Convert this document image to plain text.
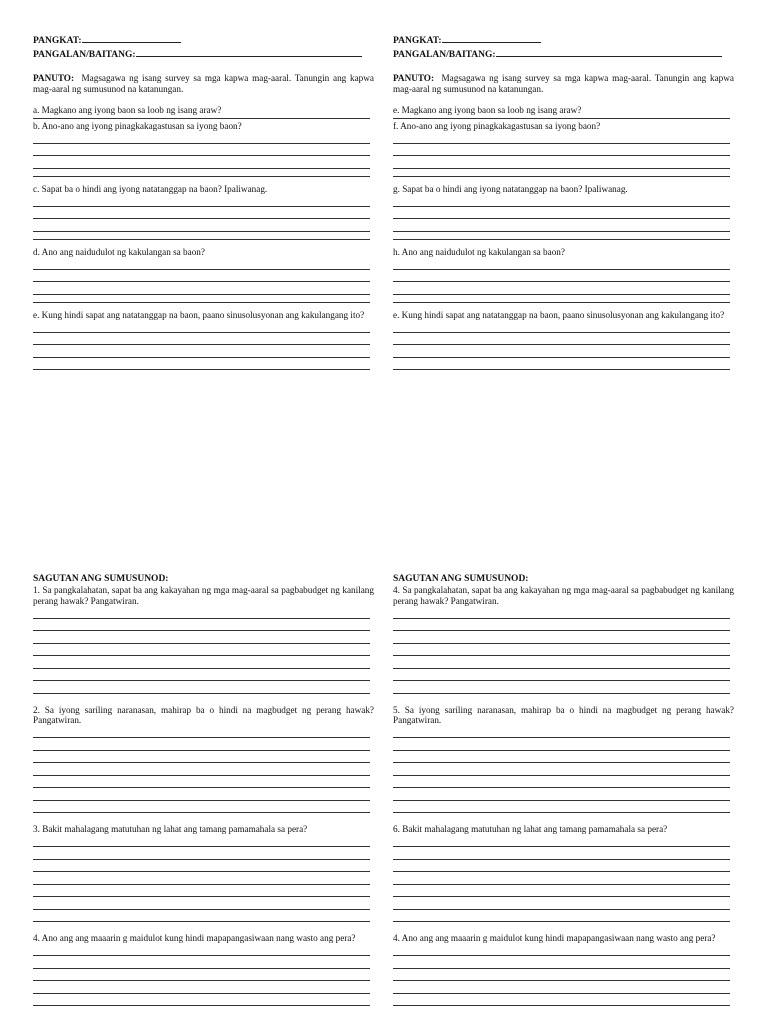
PANGKAT:
PANGALAN/BAITANG:
PANUTO: Magsagawa ng isang survey sa mga kapwa mag-aaral. Tanungin ang kapwa mag-aaral ng sumusunod na katanungan.
a. Magkano ang iyong baon sa loob ng isang araw?
b. Ano-ano ang iyong pinagkakagastusan sa iyong baon?
c. Sapat ba o hindi ang iyong natatanggap na baon? Ipaliwanag.
d. Ano ang naidudulot ng kakulangan sa baon?
e. Kung hindi sapat ang natatanggap na baon, paano sinusolusyonan ang kakulangang ito?
PANGKAT:
PANGALAN/BAITANG:
PANUTO: Magsagawa ng isang survey sa mga kapwa mag-aaral. Tanungin ang kapwa mag-aaral ng sumusunod na katanungan.
e. Magkano ang iyong baon sa loob ng isang araw?
f. Ano-ano ang iyong pinagkakagastusan sa iyong baon?
g. Sapat ba o hindi ang iyong natatanggap na baon? Ipaliwanag.
h. Ano ang naidudulot ng kakulangan sa baon?
e. Kung hindi sapat ang natatanggap na baon, paano sinusolusyonan ang kakulangang ito?
SAGUTAN ANG SUMUSUNOD:
1. Sa pangkalahatan, sapat ba ang kakayahan ng mga mag-aaral sa pagbabudget ng kanilang perang hawak? Pangatwiran.
2. Sa iyong sariling naranasan, mahirap ba o hindi na magbudget ng perang hawak? Pangatwiran.
3. Bakit mahalagang matutuhan ng lahat ang tamang pamamahala sa pera?
4. Ano ang ang maaarin g maidulot kung hindi mapapangasiwaan nang wasto ang pera?
SAGUTAN ANG SUMUSUNOD:
4. Sa pangkalahatan, sapat ba ang kakayahan ng mga mag-aaral sa pagbabudget ng kanilang perang hawak? Pangatwiran.
5. Sa iyong sariling naranasan, mahirap ba o hindi na magbudget ng perang hawak? Pangatwiran.
6. Bakit mahalagang matutuhan ng lahat ang tamang pamamahala sa pera?
4. Ano ang ang maaarin g maidulot kung hindi mapapangasiwaan nang wasto ang pera?
